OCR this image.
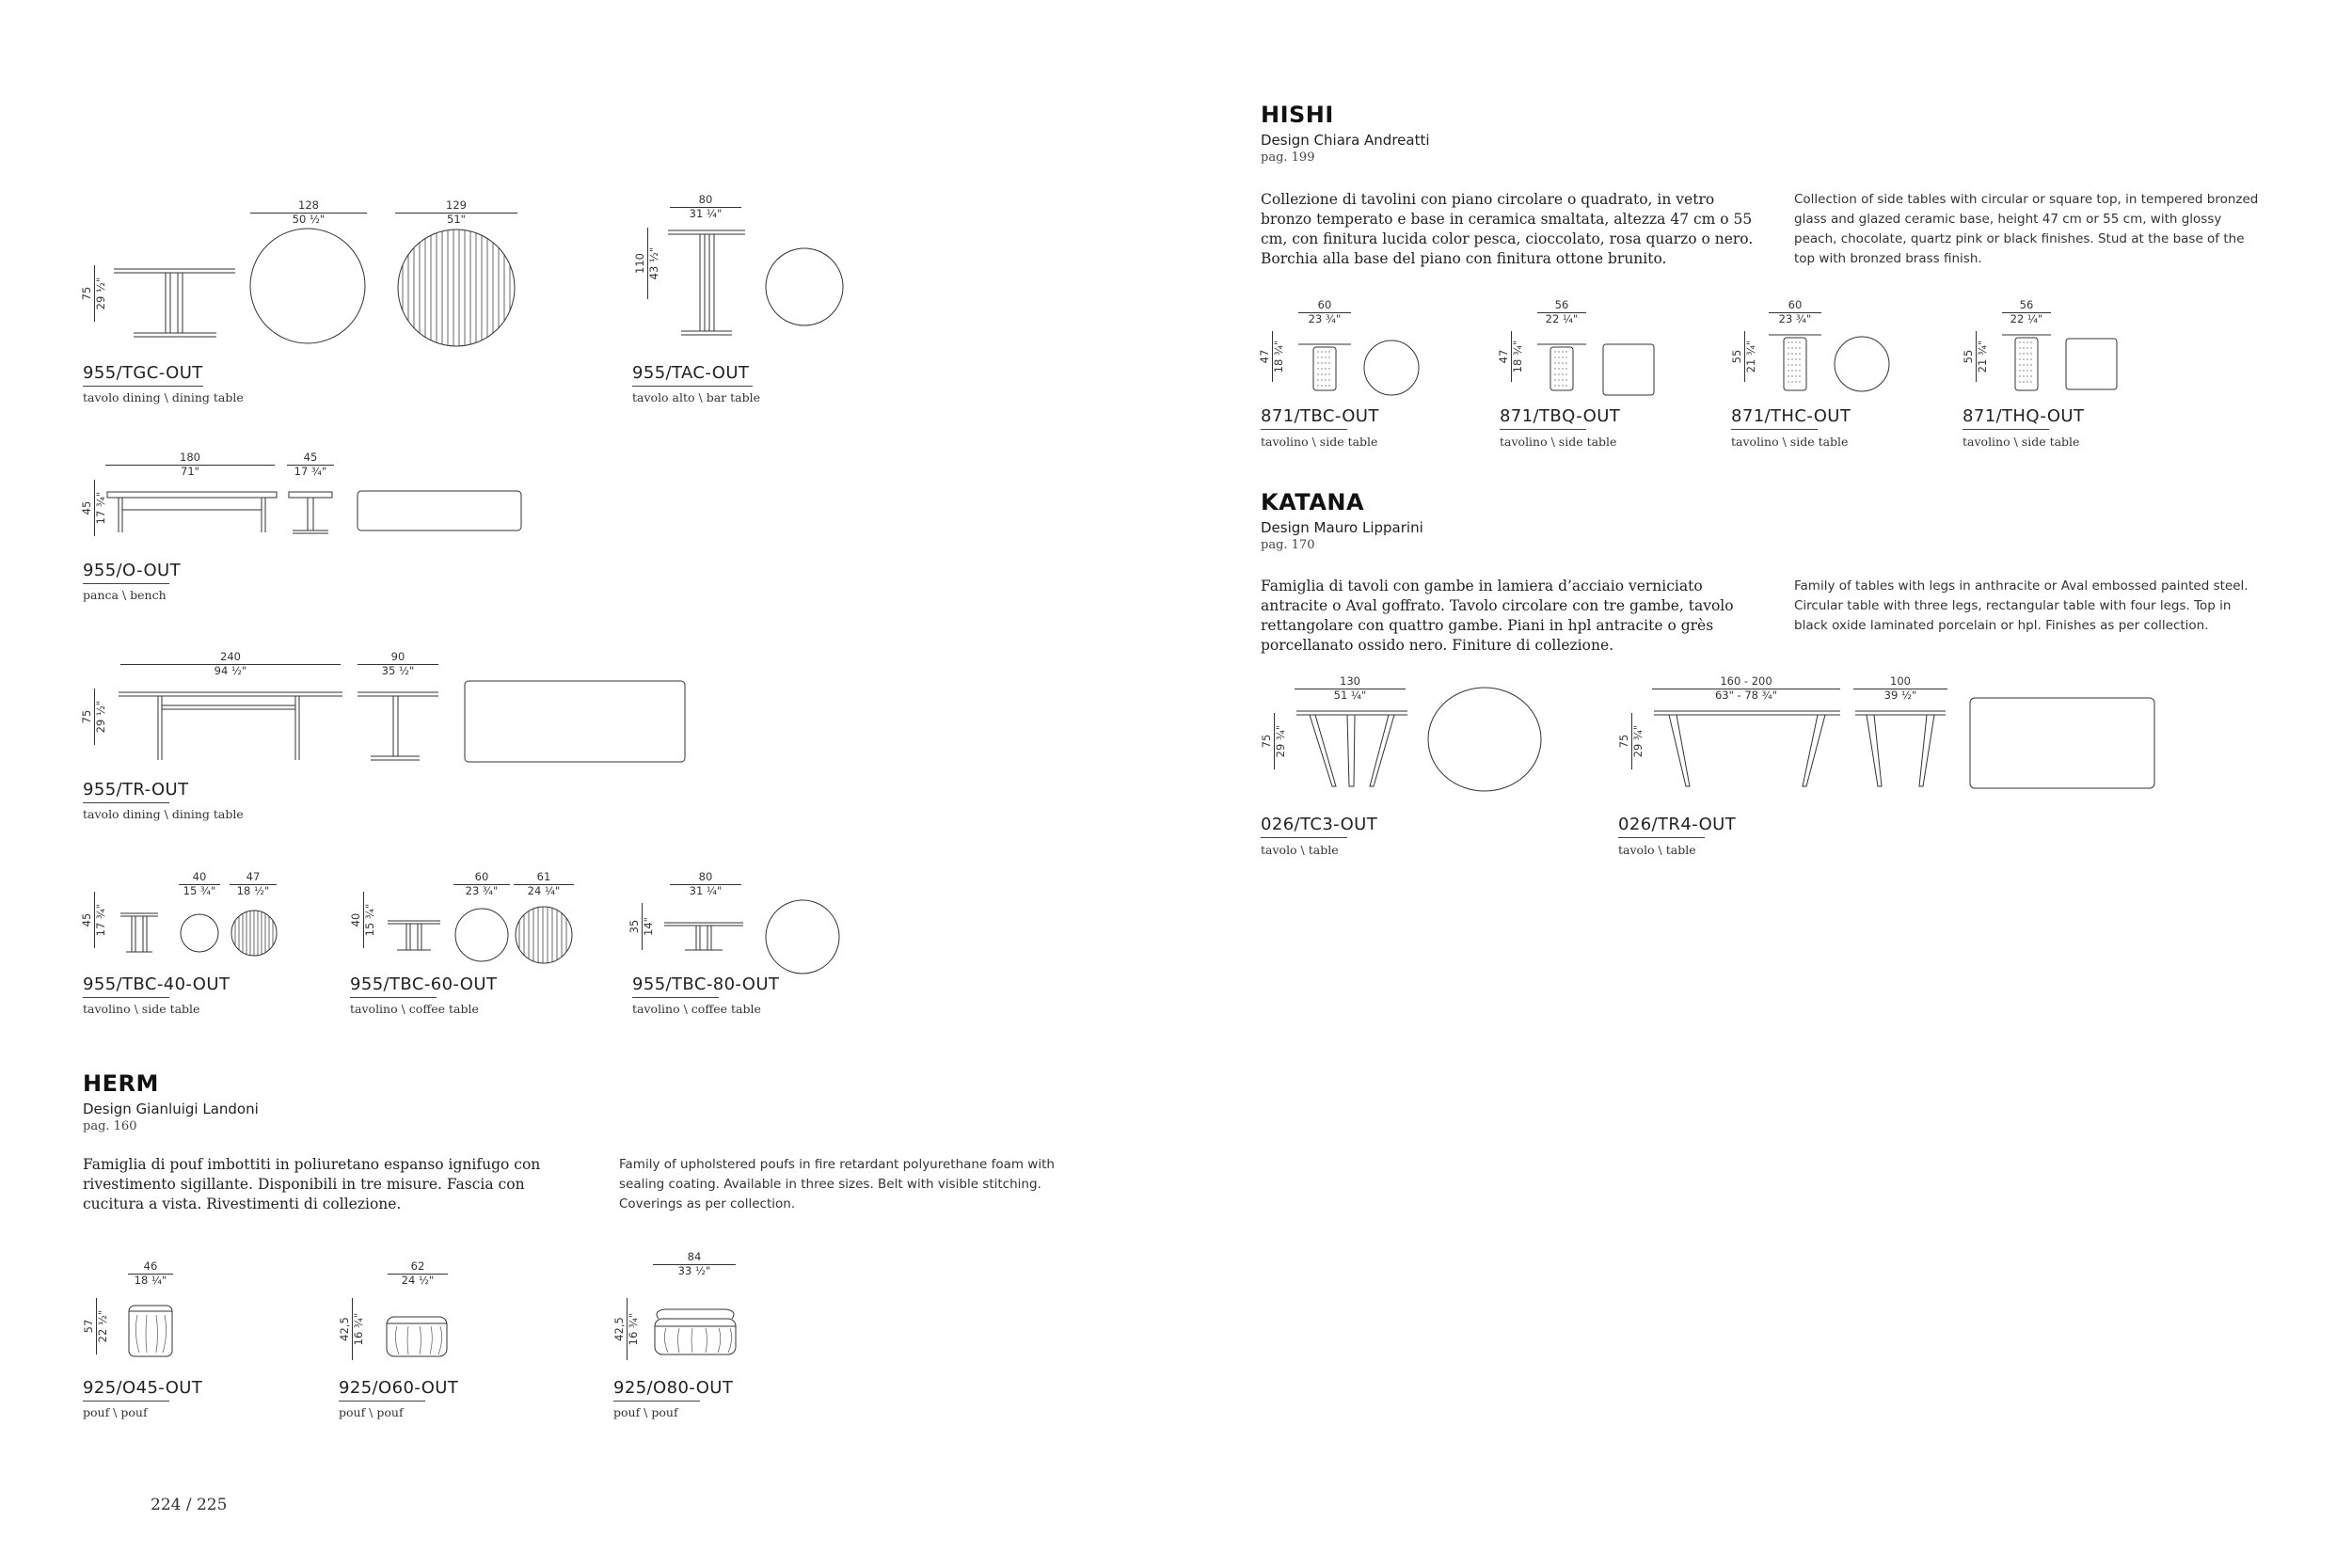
128
50 ½"
129
51"
75 29 ½"
955/TGC-OUT
tavolo dining \ dining table
80
31 ¼"
110 43 ½"
955/TAC-OUT
tavolo alto \ bar table
180
71"
45
17 ¾"
45 17 ¾"
955/O-OUT
panca \ bench
240
94 ½"
90
35 ½"
75 29 ½"
955/TR-OUT
tavolo dining \ dining table
40
15 ¾"
47
18 ½"
45 17 ¾"
955/TBC-40-OUT
tavolino \ side table
60
23 ¾"
61
24 ¼"
40 15 ¾"
955/TBC-60-OUT
tavolino \ coffee table
80
31 ¼"
35 14"
955/TBC-80-OUT
tavolino \ coffee table
HERM
Design Gianluigi Landoni
pag. 160
Famiglia di pouf imbottiti in poliuretano espanso ignifugo con rivestimento sigillante. Disponibili in tre misure. Fascia con cucitura a vista. Rivestimenti di collezione.
Family of upholstered poufs in fire retardant polyurethane foam with sealing coating. Available in three sizes. Belt with visible stitching. Coverings as per collection.
46
18 ¼"
57 22 ½"
925/O45-OUT
pouf \ pouf
62
24 ½"
42,5 16 ¾"
925/O60-OUT
pouf \ pouf
84
33 ½"
42,5 16 ¾"
925/O80-OUT
pouf \ pouf
224 / 225
HISHI
Design Chiara Andreatti
pag. 199
Collezione di tavolini con piano circolare o quadrato, in vetro bronzo temperato e base in ceramica smaltata, altezza 47 cm o 55 cm, con finitura lucida color pesca, cioccolato, rosa quarzo o nero. Borchia alla base del piano con finitura ottone brunito.
Collection of side tables with circular or square top, in tempered bronzed glass and glazed ceramic base, height 47 cm or 55 cm, with glossy peach, chocolate, quartz pink or black finishes. Stud at the base of the top with bronzed brass finish.
60
23 ¾"
47 18 ¾"
871/TBC-OUT
tavolino \ side table
56
22 ¼"
47 18 ¾"
871/TBQ-OUT
tavolino \ side table
60
23 ¾"
55 21 ¾"
871/THC-OUT
tavolino \ side table
56
22 ¼"
55 21 ¾"
871/THQ-OUT
tavolino \ side table
KATANA
Design Mauro Lipparini
pag. 170
Famiglia di tavoli con gambe in lamiera d’acciaio verniciato antracite o Aval goffrato. Tavolo circolare con tre gambe, tavolo rettangolare con quattro gambe. Piani in hpl antracite o grès porcellanato ossido nero. Finiture di collezione.
Family of tables with legs in anthracite or Aval embossed painted steel. Circular table with three legs, rectangular table with four legs. Top in black oxide laminated porcelain or hpl. Finishes as per collection.
130
51 ¼"
75 29 ¾"
026/TC3-OUT
tavolo \ table
160 - 200
63" - 78 ¾"
100
39 ½"
75 29 ¾"
026/TR4-OUT
tavolo \ table
